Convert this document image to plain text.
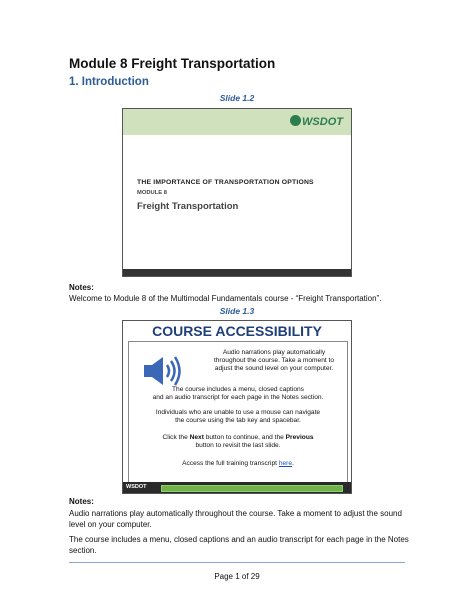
Module 8 Freight Transportation
1. Introduction
Slide 1.2
WSDOT
THE IMPORTANCE OF TRANSPORTATION OPTIONS
MODULE 8
Freight Transportation
Notes:
Welcome to Module 8 of the Multimodal Fundamentals course - “Freight Transportation”.
Slide 1.3
COURSE ACCESSIBILITY
Audio narrations play automatically throughout the course. Take a moment to adjust the sound level on your computer.
The course includes a menu, closed captions
and an audio transcript for each page in the Notes section.
Individuals who are unable to use a mouse can navigate
the course using the tab key and spacebar.
Click the Next button to continue, and the Previous
button to revisit the last slide.
Access the full training transcript here.
WSDOT
Notes:
Audio narrations play automatically throughout the course. Take a moment to adjust the sound level on your computer.
The course includes a menu, closed captions and an audio transcript for each page in the Notes section.
Page 1 of 29
